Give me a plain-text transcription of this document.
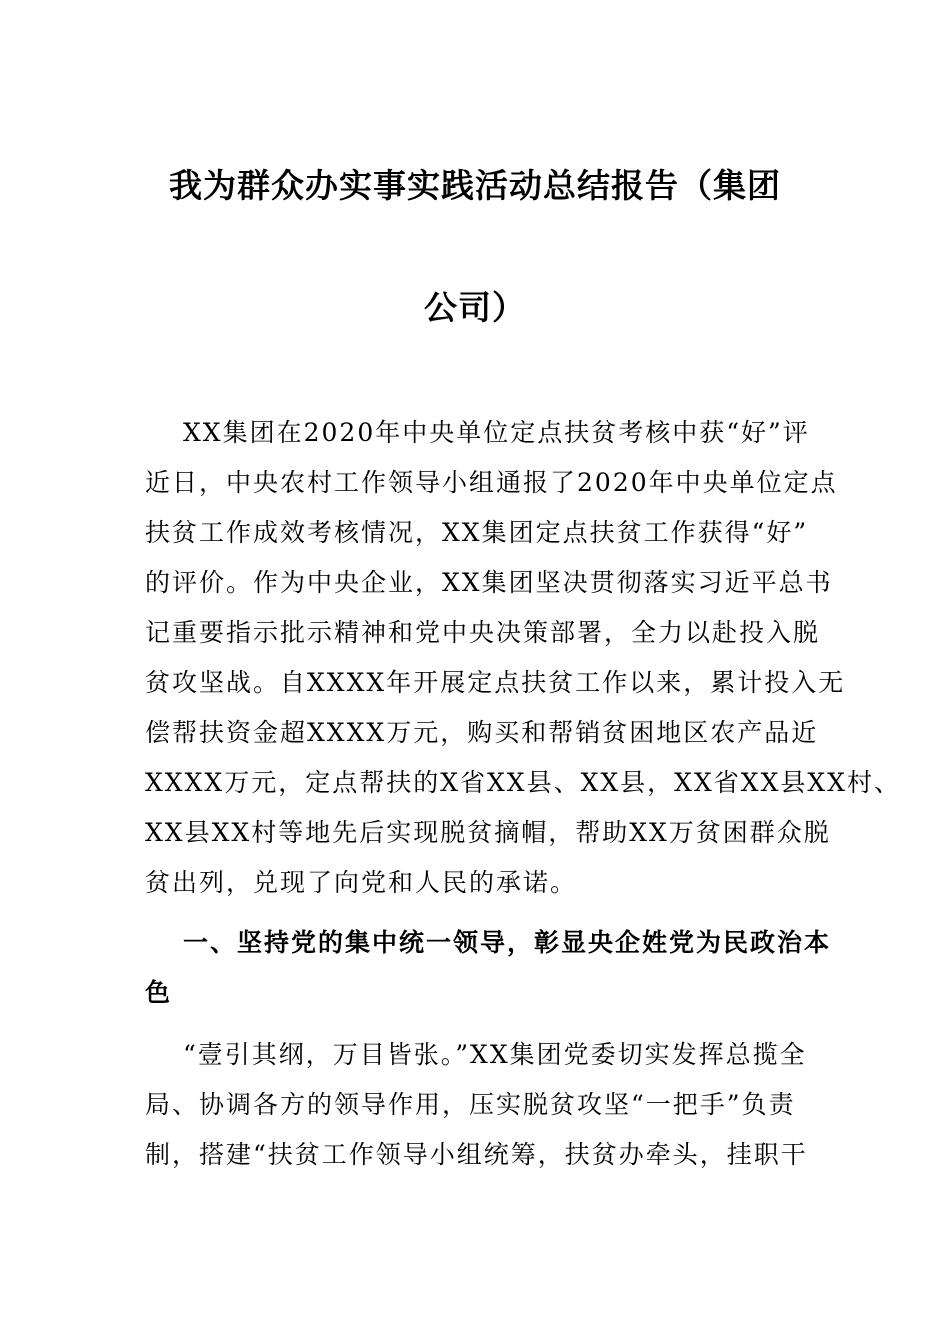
我为群众办实事实践活动总结报告（集团
公司）
XX集团在2020年中央单位定点扶贫考核中获“好”评
近日，中央农村工作领导小组通报了2020年中央单位定点
扶贫工作成效考核情况，XX集团定点扶贫工作获得“好”
的评价。作为中央企业，XX集团坚决贯彻落实习近平总书
记重要指示批示精神和党中央决策部署，全力以赴投入脱
贫攻坚战。自XXXX年开展定点扶贫工作以来，累计投入无
偿帮扶资金超XXXX万元，购买和帮销贫困地区农产品近
XXXX万元，定点帮扶的X省XX县、XX县，XX省XX县XX村、
XX县XX村等地先后实现脱贫摘帽，帮助XX万贫困群众脱
贫出列，兑现了向党和人民的承诺。
一、坚持党的集中统一领导，彰显央企姓党为民政治本
色
“壹引其纲，万目皆张。”XX集团党委切实发挥总揽全
局、协调各方的领导作用，压实脱贫攻坚“一把手”负责
制，搭建“扶贫工作领导小组统筹，扶贫办牵头，挂职干
